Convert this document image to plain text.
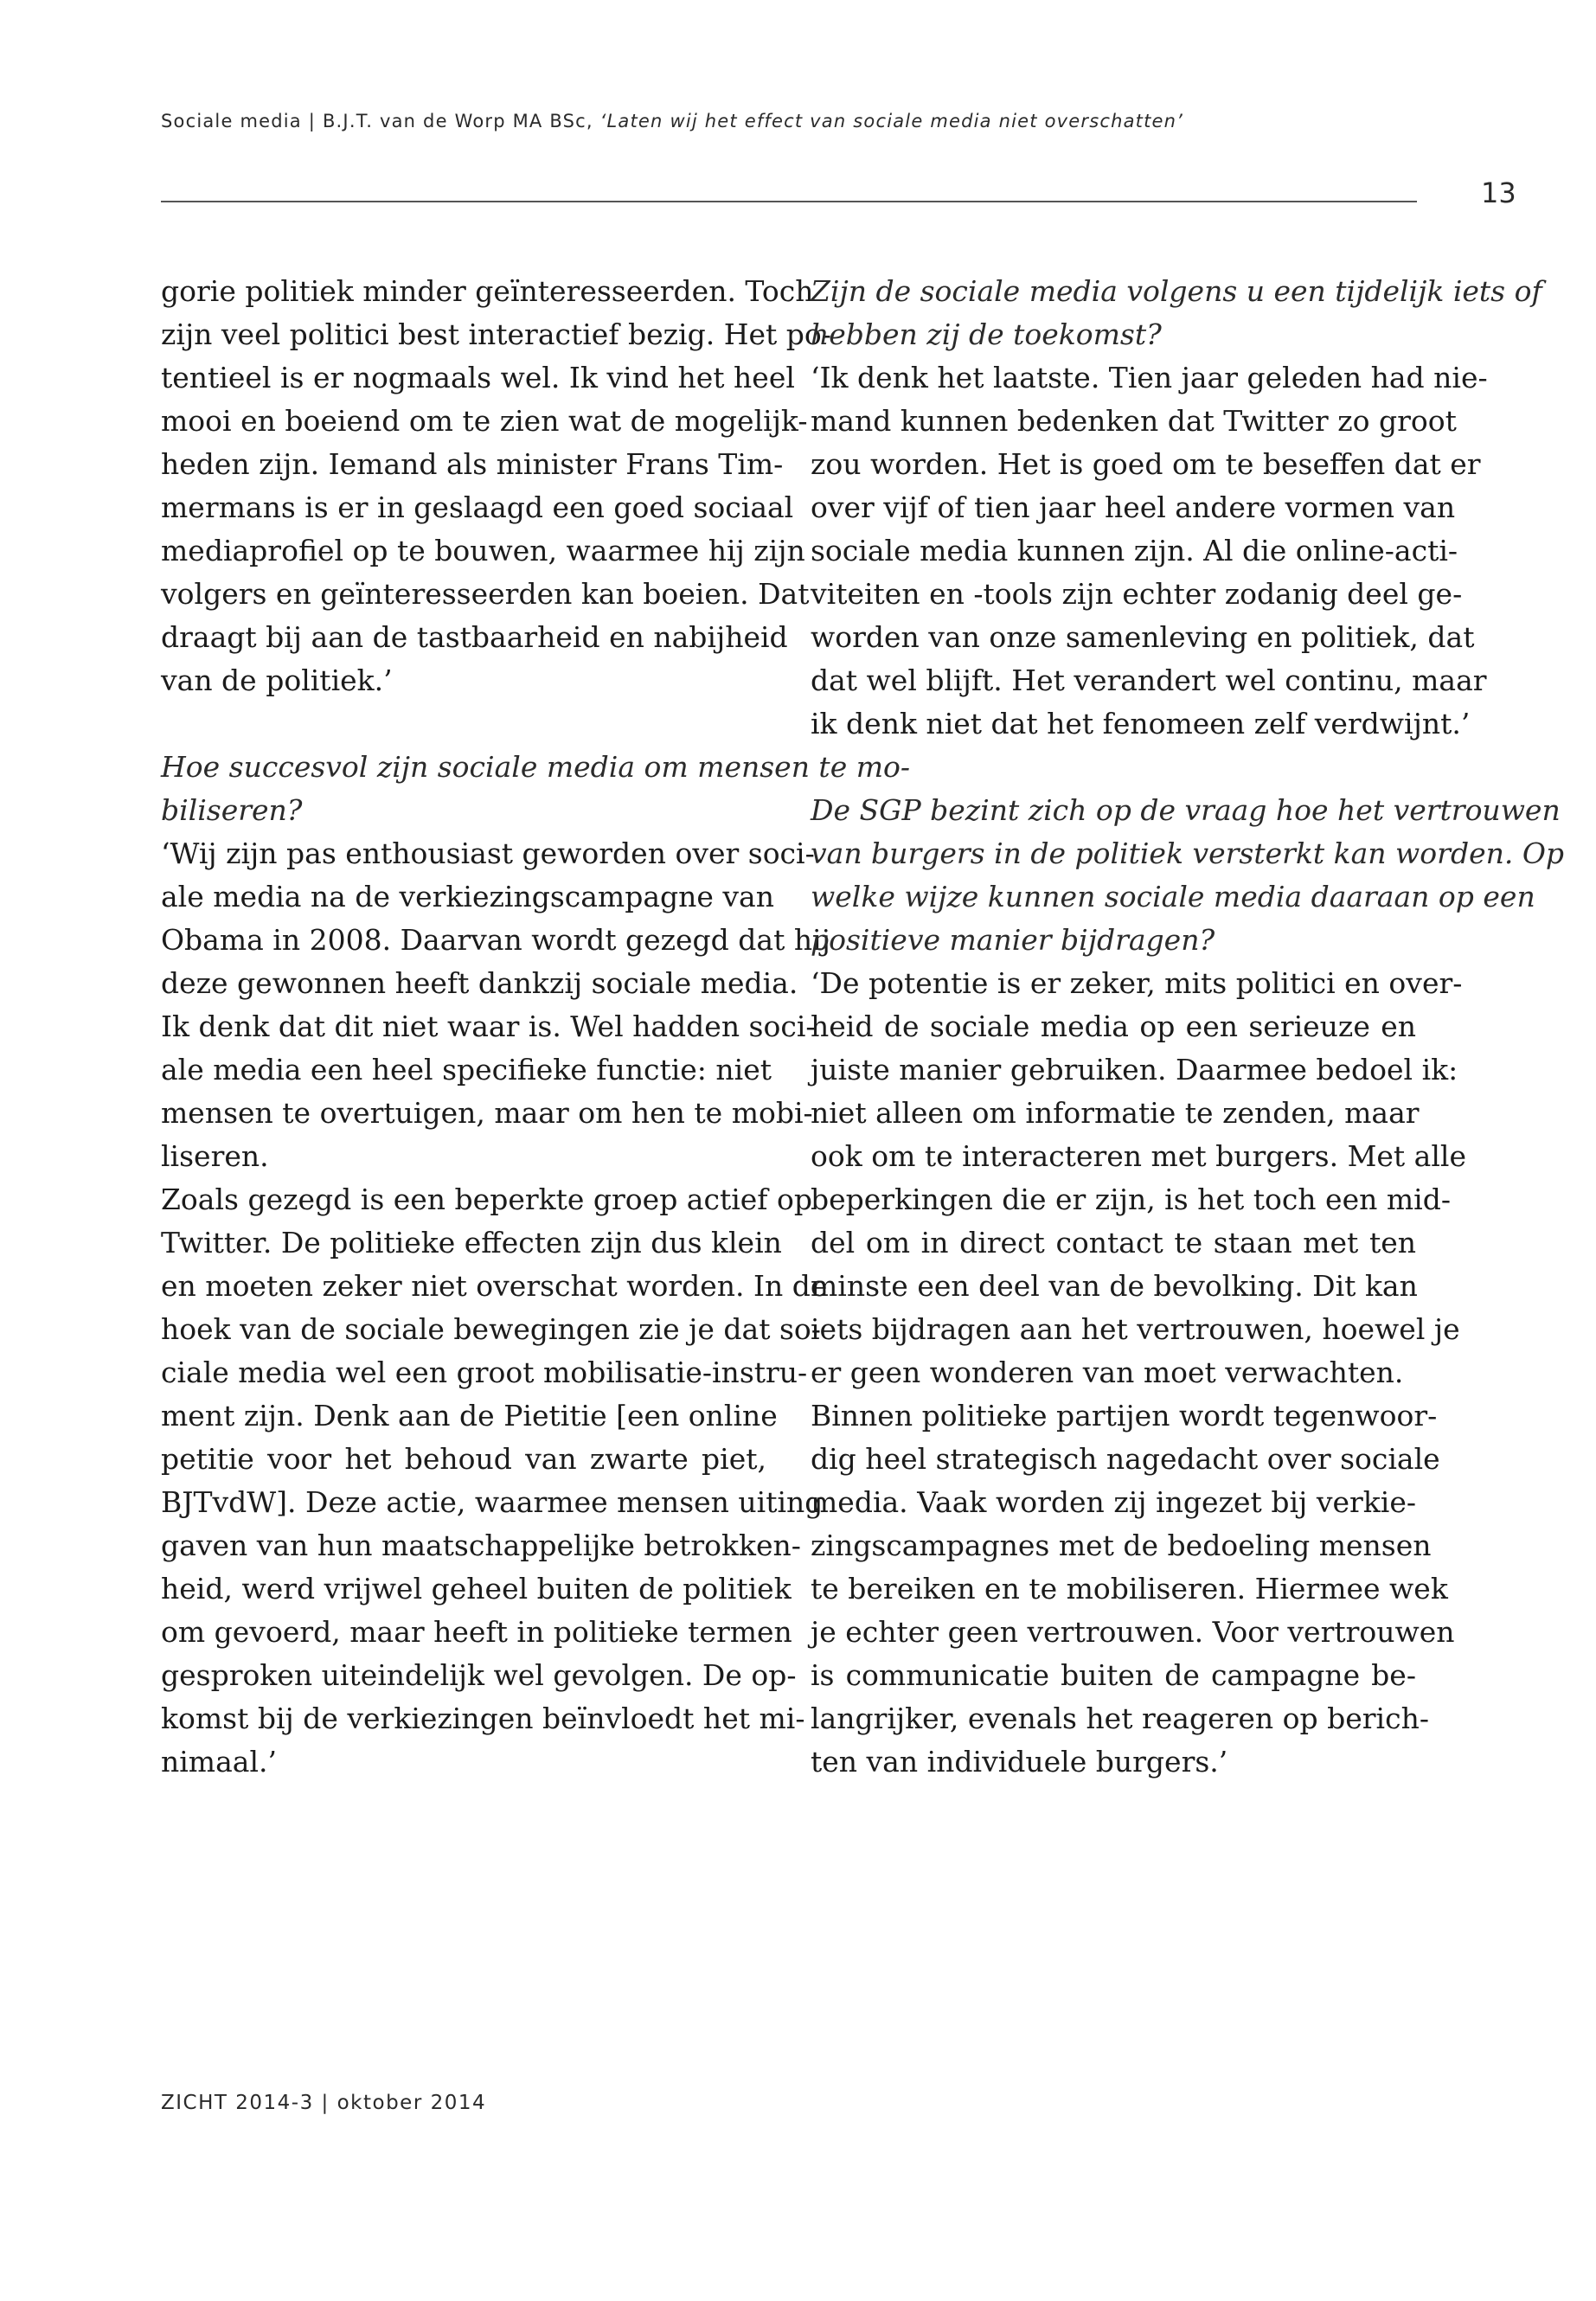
Sociale media | B.J.T. van de Worp MA BSc, ‘Laten wij het effect van sociale media niet overschatten’
13
gorie politiek minder geïnteresseerden. Toch
zijn veel politici best interactief bezig. Het po-
tentieel is er nogmaals wel. Ik vind het heel
mooi en boeiend om te zien wat de mogelijk-
heden zijn. Iemand als minister Frans Tim-
mermans is er in geslaagd een goed sociaal
mediaprofiel op te bouwen, waarmee hij zijn
volgers en geïnteresseerden kan boeien. Dat
draagt bij aan de tastbaarheid en nabijheid
van de politiek.’
Hoe succesvol zijn sociale media om mensen te mo-
biliseren?
‘Wij zijn pas enthousiast geworden over soci-
ale media na de verkiezingscampagne van
Obama in 2008. Daarvan wordt gezegd dat hij
deze gewonnen heeft dankzij sociale media.
Ik denk dat dit niet waar is. Wel hadden soci-
ale media een heel specifieke functie: niet
mensen te overtuigen, maar om hen te mobi-
liseren.
Zoals gezegd is een beperkte groep actief op
Twitter. De politieke effecten zijn dus klein
en moeten zeker niet overschat worden. In de
hoek van de sociale bewegingen zie je dat so-
ciale media wel een groot mobilisatie-instru-
ment zijn. Denk aan de Pietitie [een online
petitie voor het behoud van zwarte piet,
BJTvdW]. Deze actie, waarmee mensen uiting
gaven van hun maatschappelijke betrokken-
heid, werd vrijwel geheel buiten de politiek
om gevoerd, maar heeft in politieke termen
gesproken uiteindelijk wel gevolgen. De op-
komst bij de verkiezingen beïnvloedt het mi-
nimaal.’
Zijn de sociale media volgens u een tijdelijk iets of
hebben zij de toekomst?
‘Ik denk het laatste. Tien jaar geleden had nie-
mand kunnen bedenken dat Twitter zo groot
zou worden. Het is goed om te beseffen dat er
over vijf of tien jaar heel andere vormen van
sociale media kunnen zijn. Al die online-acti-
viteiten en -tools zijn echter zodanig deel ge-
worden van onze samenleving en politiek, dat
dat wel blijft. Het verandert wel continu, maar
ik denk niet dat het fenomeen zelf verdwijnt.’
De SGP bezint zich op de vraag hoe het vertrouwen
van burgers in de politiek versterkt kan worden. Op
welke wijze kunnen sociale media daaraan op een
positieve manier bijdragen?
‘De potentie is er zeker, mits politici en over-
heid de sociale media op een serieuze en
juiste manier gebruiken. Daarmee bedoel ik:
niet alleen om informatie te zenden, maar
ook om te interacteren met burgers. Met alle
beperkingen die er zijn, is het toch een mid-
del om in direct contact te staan met ten
minste een deel van de bevolking. Dit kan
iets bijdragen aan het vertrouwen, hoewel je
er geen wonderen van moet verwachten.
Binnen politieke partijen wordt tegenwoor-
dig heel strategisch nagedacht over sociale
media. Vaak worden zij ingezet bij verkie-
zingscampagnes met de bedoeling mensen
te bereiken en te mobiliseren. Hiermee wek
je echter geen vertrouwen. Voor vertrouwen
is communicatie buiten de campagne be-
langrijker, evenals het reageren op berich-
ten van individuele burgers.’
ZICHT 2014-3 | oktober 2014
